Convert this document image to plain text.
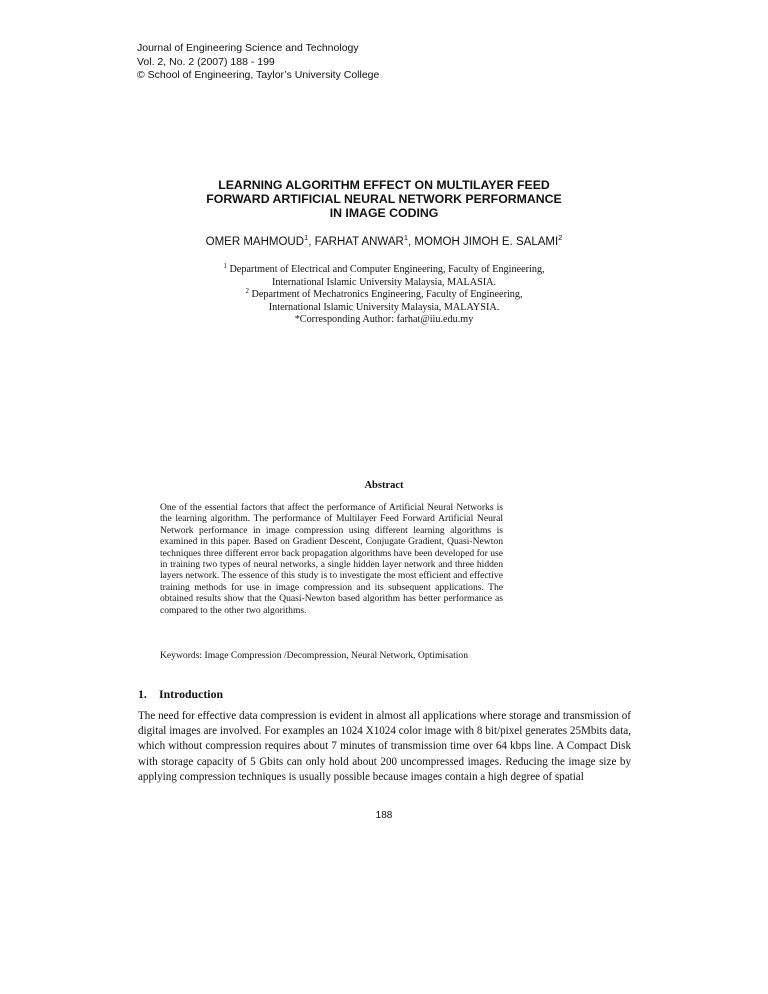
Journal of Engineering Science and Technology
Vol. 2, No. 2 (2007) 188 - 199
© School of Engineering, Taylor’s University College
LEARNING ALGORITHM EFFECT ON MULTILAYER FEED
FORWARD ARTIFICIAL NEURAL NETWORK PERFORMANCE
IN IMAGE CODING
OMER MAHMOUD$^1$, FARHAT ANWAR$^1$, MOMOH JIMOH E. SALAMI$^2$
$^1$ Department of Electrical and Computer Engineering, Faculty of Engineering,
International Islamic University Malaysia, MALASIA.
$^2$ Department of Mechatronics Engineering, Faculty of Engineering,
International Islamic University Malaysia, MALAYSIA.
*Corresponding Author: farhat@iiu.edu.my
Abstract
One of the essential factors that affect the performance of Artificial Neural Networks is the learning algorithm. The performance of Multilayer Feed Forward Artificial Neural Network performance in image compression using different learning algorithms is examined in this paper. Based on Gradient Descent, Conjugate Gradient, Quasi-Newton techniques three different error back propagation algorithms have been developed for use in training two types of neural networks, a single hidden layer network and three hidden layers network. The essence of this study is to investigate the most efficient and effective training methods for use in image compression and its subsequent applications. The obtained results show that the Quasi-Newton based algorithm has better performance as compared to the other two algorithms.
Keywords: Image Compression /Decompression, Neural Network, Optimisation
1. Introduction
The need for effective data compression is evident in almost all applications where storage and transmission of digital images are involved. For examples an 1024 X1024 color image with 8 bit/pixel generates 25Mbits data, which without compression requires about 7 minutes of transmission time over 64 kbps line. A Compact Disk with storage capacity of 5 Gbits can only hold about 200 uncompressed images. Reducing the image size by applying compression techniques is usually possible because images contain a high degree of spatial
188
